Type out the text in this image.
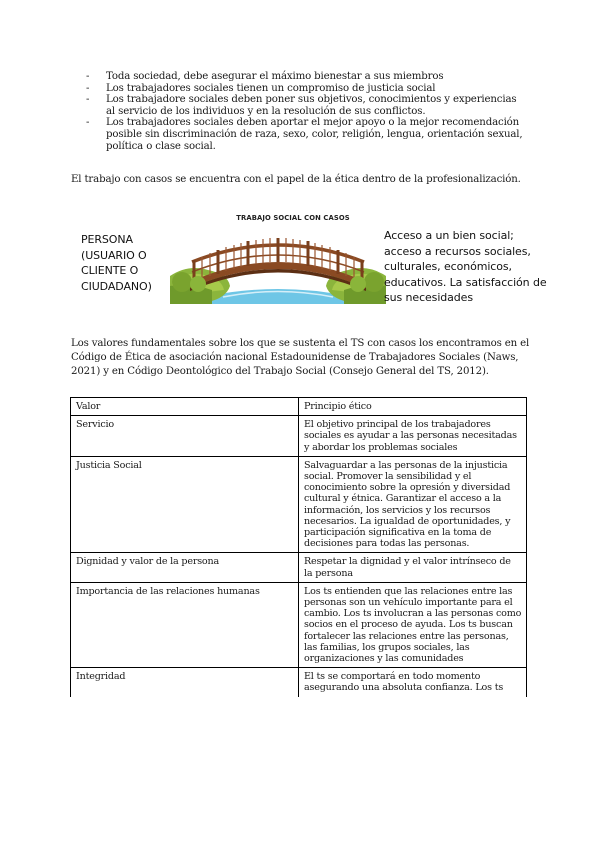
- Toda sociedad, debe asegurar el máximo bienestar a sus miembros
- Los trabajadores sociales tienen un compromiso de justicia social
- Los trabajadore sociales deben poner sus objetivos, conocimientos y experiencias al servicio de los individuos y en la resolución de sus conflictos.
- Los trabajadores sociales deben aportar el mejor apoyo o la mejor recomendación posible sin discriminación de raza, sexo, color, religión, lengua, orientación sexual, política o clase social.

El trabajo con casos se encuentra con el papel de la ética dentro de la profesionalización.

PERSONA (USUARIO O CLIENTE O CIUDADANO)
TRABAJO SOCIAL CON CASOS
Acceso a un bien social; acceso a recursos sociales, culturales, económicos, educativos. La satisfacción de sus necesidades

Los valores fundamentales sobre los que se sustenta el TS con casos los encontramos en el Código de Ética de asociación nacional Estadounidense de Trabajadores Sociales (Naws, 2021) y en Código Deontológico del Trabajo Social (Consejo General del TS, 2012).

Valor	Principio ético
Servicio	El objetivo principal de los trabajadores sociales es ayudar a las personas necesitadas y abordar los problemas sociales
Justicia Social	Salvaguardar a las personas de la injusticia social. Promover la sensibilidad y el conocimiento sobre la opresión y diversidad cultural y étnica. Garantizar el acceso a la información, los servicios y los recursos necesarios. La igualdad de oportunidades, y participación significativa en la toma de decisiones para todas las personas.
Dignidad y valor de la persona	Respetar la dignidad y el valor intrínseco de la persona
Importancia de las relaciones humanas	Los ts entienden que las relaciones entre las personas son un vehículo importante para el cambio. Los ts involucran a las personas como socios en el proceso de ayuda. Los ts buscan fortalecer las relaciones entre las personas, las familias, los grupos sociales, las organizaciones y las comunidades
Integridad	El ts se comportará en todo momento asegurando una absoluta confianza. Los ts
